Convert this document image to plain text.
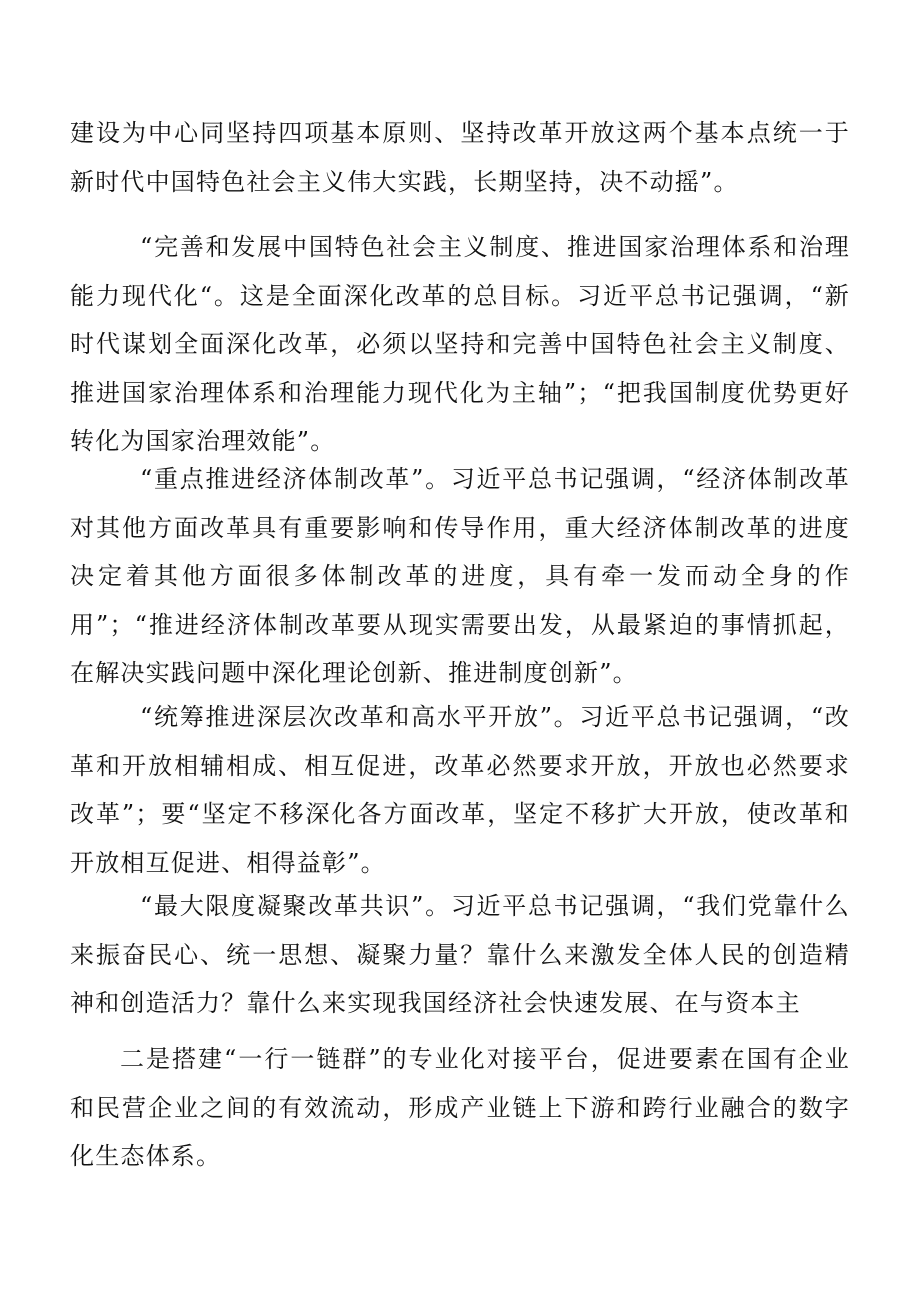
建设为中心同坚持四项基本原则、坚持改革开放这两个基本点统一于新时代中国特色社会主义伟大实践，长期坚持，决不动摇”。

“完善和发展中国特色社会主义制度、推进国家治理体系和治理能力现代化“。这是全面深化改革的总目标。习近平总书记强调，“新时代谋划全面深化改革，必须以坚持和完善中国特色社会主义制度、推进国家治理体系和治理能力现代化为主轴”；“把我国制度优势更好转化为国家治理效能”。

“重点推进经济体制改革”。习近平总书记强调，“经济体制改革对其他方面改革具有重要影响和传导作用，重大经济体制改革的进度决定着其他方面很多体制改革的进度，具有牵一发而动全身的作用”；“推进经济体制改革要从现实需要出发，从最紧迫的事情抓起，在解决实践问题中深化理论创新、推进制度创新”。

“统筹推进深层次改革和高水平开放”。习近平总书记强调，“改革和开放相辅相成、相互促进，改革必然要求开放，开放也必然要求改革”；要“坚定不移深化各方面改革，坚定不移扩大开放，使改革和开放相互促进、相得益彰”。

“最大限度凝聚改革共识”。习近平总书记强调，“我们党靠什么来振奋民心、统一思想、凝聚力量？靠什么来激发全体人民的创造精神和创造活力？靠什么来实现我国经济社会快速发展、在与资本主

二是搭建“一行一链群”的专业化对接平台，促进要素在国有企业和民营企业之间的有效流动，形成产业链上下游和跨行业融合的数字化生态体系。
